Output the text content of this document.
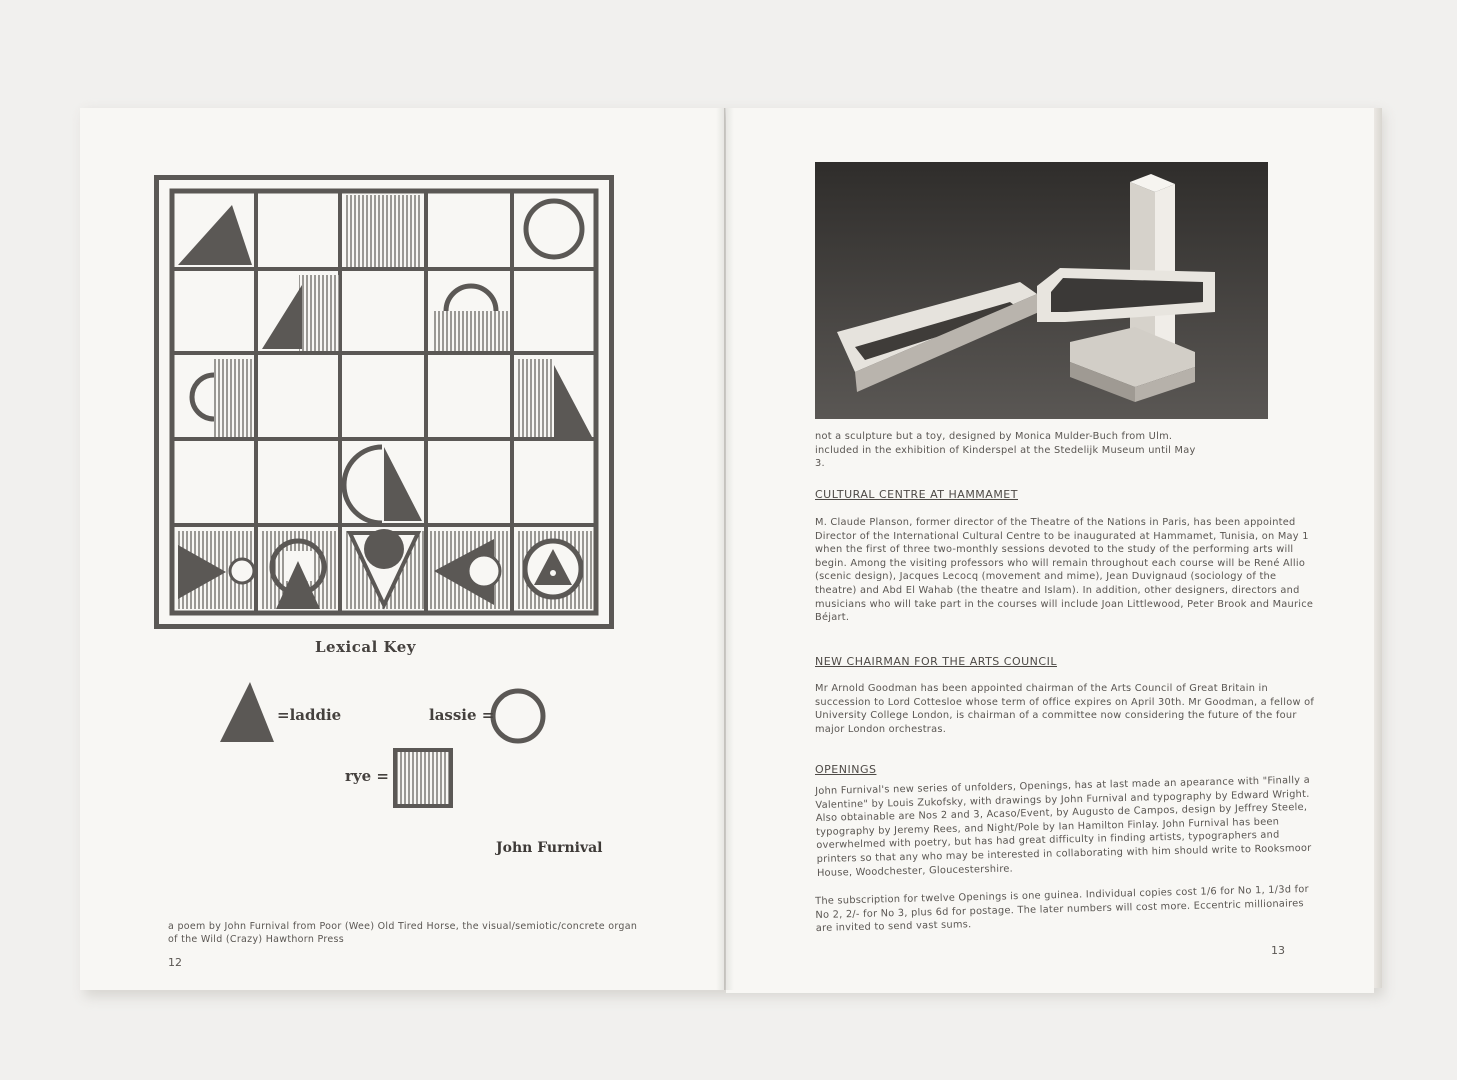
Lexical Key
=laddie	lassie =
rye =
John Furnival
a poem by John Furnival from Poor (Wee) Old Tired Horse, the visual/semiotic/concrete organ of the Wild (Crazy) Hawthorn Press
12
not a sculpture but a toy, designed by Monica Mulder-Buch from Ulm. included in the exhibition of Kinderspel at the Stedelijk Museum until May 3.
CULTURAL CENTRE AT HAMMAMET
M. Claude Planson, former director of the Theatre of the Nations in Paris, has been appointed Director of the International Cultural Centre to be inaugurated at Hammamet, Tunisia, on May 1 when the first of three two-monthly sessions devoted to the study of the performing arts will begin. Among the visiting professors who will remain throughout each course will be René Allio (scenic design), Jacques Lecocq (movement and mime), Jean Duvignaud (sociology of the theatre) and Abd El Wahab (the theatre and Islam). In addition, other designers, directors and musicians who will take part in the courses will include Joan Littlewood, Peter Brook and Maurice Béjart.
NEW CHAIRMAN FOR THE ARTS COUNCIL
Mr Arnold Goodman has been appointed chairman of the Arts Council of Great Britain in succession to Lord Cottesloe whose term of office expires on April 30th. Mr Goodman, a fellow of University College London, is chairman of a committee now considering the future of the four major London orchestras.
OPENINGS
John Furnival's new series of unfolders, Openings, has at last made an apearance with "Finally a Valentine" by Louis Zukofsky, with drawings by John Furnival and typography by Edward Wright. Also obtainable are Nos 2 and 3, Acaso/Event, by Augusto de Campos, design by Jeffrey Steele, typography by Jeremy Rees, and Night/Pole by Ian Hamilton Finlay. John Furnival has been overwhelmed with poetry, but has had great difficulty in finding artists, typographers and printers so that any who may be interested in collaborating with him should write to Rooksmoor House, Woodchester, Gloucestershire.
The subscription for twelve Openings is one guinea. Individual copies cost 1/6 for No 1, 1/3d for No 2, 2/- for No 3, plus 6d for postage. The later numbers will cost more. Eccentric millionaires are invited to send vast sums.
13
